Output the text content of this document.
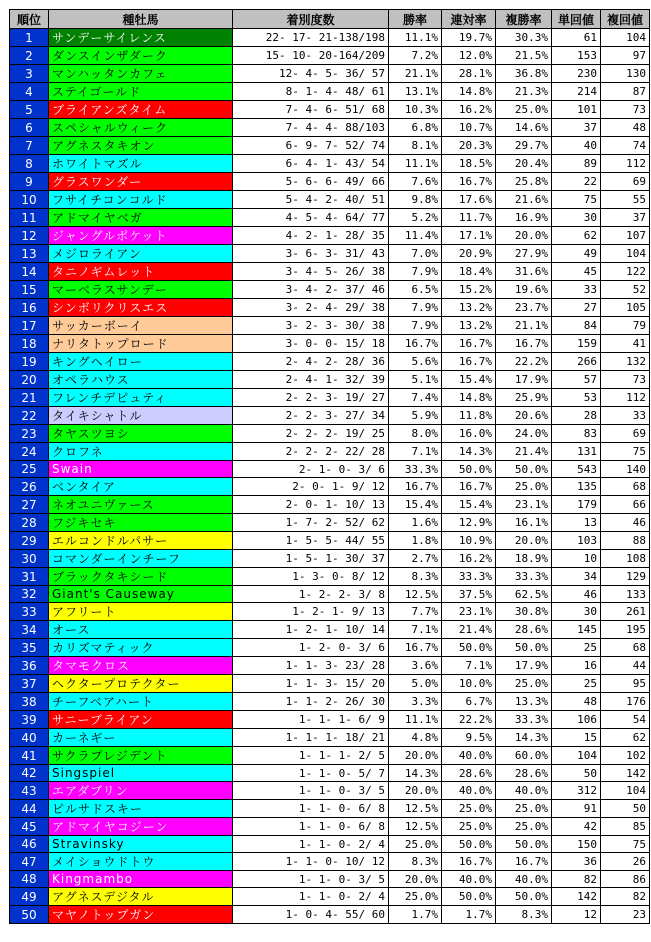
順位	種牡馬	着別度数	勝率	連対率	複勝率	単回値	複回値
1	サンデーサイレンス	22- 17- 21-138/198	11.1%	19.7%	30.3%	61	104
2	ダンスインザダーク	15- 10- 20-164/209	7.2%	12.0%	21.5%	153	97
3	マンハッタンカフェ	12- 4- 5- 36/ 57	21.1%	28.1%	36.8%	230	130
4	ステイゴールド	8- 1- 4- 48/ 61	13.1%	14.8%	21.3%	214	87
5	ブライアンズタイム	7- 4- 6- 51/ 68	10.3%	16.2%	25.0%	101	73
6	スペシャルウィーク	7- 4- 4- 88/103	6.8%	10.7%	14.6%	37	48
7	アグネスタキオン	6- 9- 7- 52/ 74	8.1%	20.3%	29.7%	40	74
8	ホワイトマズル	6- 4- 1- 43/ 54	11.1%	18.5%	20.4%	89	112
9	グラスワンダー	5- 6- 6- 49/ 66	7.6%	16.7%	25.8%	22	69
10	フサイチコンコルド	5- 4- 2- 40/ 51	9.8%	17.6%	21.6%	75	55
11	アドマイヤベガ	4- 5- 4- 64/ 77	5.2%	11.7%	16.9%	30	37
12	ジャングルポケット	4- 2- 1- 28/ 35	11.4%	17.1%	20.0%	62	107
13	メジロライアン	3- 6- 3- 31/ 43	7.0%	20.9%	27.9%	49	104
14	タニノギムレット	3- 4- 5- 26/ 38	7.9%	18.4%	31.6%	45	122
15	マーベラスサンデー	3- 4- 2- 37/ 46	6.5%	15.2%	19.6%	33	52
16	シンボリクリスエス	3- 2- 4- 29/ 38	7.9%	13.2%	23.7%	27	105
17	サッカーボーイ	3- 2- 3- 30/ 38	7.9%	13.2%	21.1%	84	79
18	ナリタトップロード	3- 0- 0- 15/ 18	16.7%	16.7%	16.7%	159	41
19	キングヘイロー	2- 4- 2- 28/ 36	5.6%	16.7%	22.2%	266	132
20	オペラハウス	2- 4- 1- 32/ 39	5.1%	15.4%	17.9%	57	73
21	フレンチデピュティ	2- 2- 3- 19/ 27	7.4%	14.8%	25.9%	53	112
22	タイキシャトル	2- 2- 3- 27/ 34	5.9%	11.8%	20.6%	28	33
23	タヤスツヨシ	2- 2- 2- 19/ 25	8.0%	16.0%	24.0%	83	69
24	クロフネ	2- 2- 2- 22/ 28	7.1%	14.3%	21.4%	131	75
25	Swain	2- 1- 0- 3/ 6	33.3%	50.0%	50.0%	543	140
26	ベンタイア	2- 0- 1- 9/ 12	16.7%	16.7%	25.0%	135	68
27	ネオユニヴァース	2- 0- 1- 10/ 13	15.4%	15.4%	23.1%	179	66
28	フジキセキ	1- 7- 2- 52/ 62	1.6%	12.9%	16.1%	13	46
29	エルコンドルパサー	1- 5- 5- 44/ 55	1.8%	10.9%	20.0%	103	88
30	コマンダーインチーフ	1- 5- 1- 30/ 37	2.7%	16.2%	18.9%	10	108
31	ブラックタキシード	1- 3- 0- 8/ 12	8.3%	33.3%	33.3%	34	129
32	Giant's Causeway	1- 2- 2- 3/ 8	12.5%	37.5%	62.5%	46	133
33	アフリート	1- 2- 1- 9/ 13	7.7%	23.1%	30.8%	30	261
34	オース	1- 2- 1- 10/ 14	7.1%	21.4%	28.6%	145	195
35	カリズマティック	1- 2- 0- 3/ 6	16.7%	50.0%	50.0%	25	68
36	タマモクロス	1- 1- 3- 23/ 28	3.6%	7.1%	17.9%	16	44
37	ヘクタープロテクター	1- 1- 3- 15/ 20	5.0%	10.0%	25.0%	25	95
38	チーフベアハート	1- 1- 2- 26/ 30	3.3%	6.7%	13.3%	48	176
39	サニーブライアン	1- 1- 1- 6/ 9	11.1%	22.2%	33.3%	106	54
40	カーネギー	1- 1- 1- 18/ 21	4.8%	9.5%	14.3%	15	62
41	サクラプレジデント	1- 1- 1- 2/ 5	20.0%	40.0%	60.0%	104	102
42	Singspiel	1- 1- 0- 5/ 7	14.3%	28.6%	28.6%	50	142
43	エアダブリン	1- 1- 0- 3/ 5	20.0%	40.0%	40.0%	312	104
44	ピルサドスキー	1- 1- 0- 6/ 8	12.5%	25.0%	25.0%	91	50
45	アドマイヤコジーン	1- 1- 0- 6/ 8	12.5%	25.0%	25.0%	42	85
46	Stravinsky	1- 1- 0- 2/ 4	25.0%	50.0%	50.0%	150	75
47	メイショウドトウ	1- 1- 0- 10/ 12	8.3%	16.7%	16.7%	36	26
48	Kingmambo	1- 1- 0- 3/ 5	20.0%	40.0%	40.0%	82	86
49	アグネスデジタル	1- 1- 0- 2/ 4	25.0%	50.0%	50.0%	142	82
50	マヤノトップガン	1- 0- 4- 55/ 60	1.7%	1.7%	8.3%	12	23
